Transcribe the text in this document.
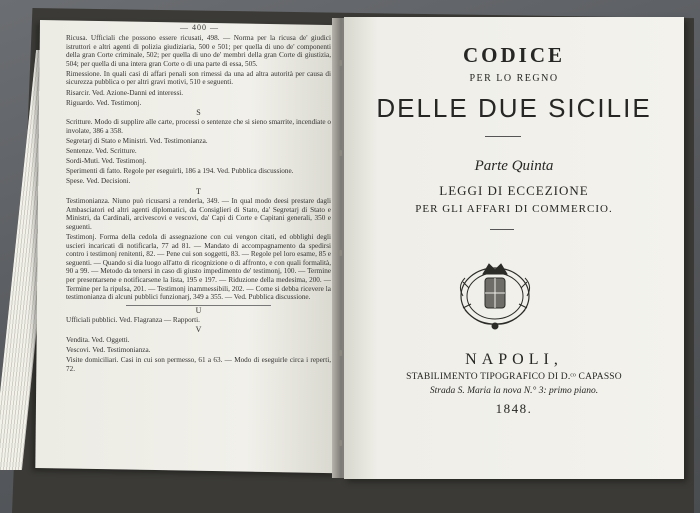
— 400 —

Ricusa. Ufficiali che possono essere ricusati, 498. — Norma per la ricusa de' giudici istruttori e altri agenti di polizia giudiziaria, 500 e 501; per quella di uno de' componenti della gran Corte criminale, 502; per quella di uno de' membri della gran Corte di giustizia, 504; per quella di una intera gran Corte o di una parte di essa, 505.

Rimessione. In quali casi di affari penali son rimessi da una ad altra autorità per causa di sicurezza pubblica o per altri gravi motivi, 510 e seguenti.

Risarcir. Ved. Azione-Danni ed interessi.

Riguardo. Ved. Testimonj.

S

Scritture. Modo di supplire alle carte, processi o sentenze che si sieno smarrite, incendiate o involate, 386 a 358.

Segretarj di Stato e Ministri. Ved. Testimonianza.

Sentenze. Ved. Scritture.

Sordi-Muti. Ved. Testimonj.

Sperimenti di fatto. Regole per eseguirli, 186 a 194. Ved. Pubblica discussione.

Spese. Ved. Decisioni.

T

Testimonianza. Niuno può ricusarsi a renderla, 349. — In qual modo deesi prestare dagli Ambasciatori ed altri agenti diplomatici, da Consiglieri di Stato, da' Segretarj di Stato e Ministri, da Cardinali, arcivescovi e vescovi, da' Capi di Corte e Capitani generali, 350 e seguenti.

Testimonj. Forma della cedola di assegnazione con cui vengon citati, ed obblighi degli uscieri incaricati di notificarla, 77 ad 81. — Mandato di accompagnamento da spedirsi contro i testimonj renitenti, 82. — Pene cui son soggetti, 83. — Regole pel loro esame, 85 e seguenti. — Quando si dia luogo all'atto di ricognizione o di affronto, e con quali formalità, 90 a 99. — Metodo da tenersi in caso di giusto impedimento de' testimonj, 100. — Termine per presentarsene e notificarsene la lista, 195 e 197. — Riduzione della medesima, 200. — Termine per la ripulsa, 201. — Testimonj inammessibili, 202. — Come si debba ricevere la testimonianza di alcuni pubblici funzionarj, 349 a 355. — Ved. Pubblica discussione.

U

Ufficiali pubblici. Ved. Flagranza — Rapporti.

V

Vendita. Ved. Oggetti.

Vescovi. Ved. Testimonianza.

Visite domiciliari. Casi in cui son permesso, 61 a 63. — Modo di eseguirle circa i reperti, 72.

CODICE
PER LO REGNO
DELLE DUE SICILIE
Parte Quinta
LEGGI DI ECCEZIONE
PER GLI AFFARI DI COMMERCIO.
NAPOLI,
STABILIMENTO TIPOGRAFICO DI D.ᶜᵒ CAPASSO
Strada S. Maria la nova N.° 3: primo piano.
1848.
